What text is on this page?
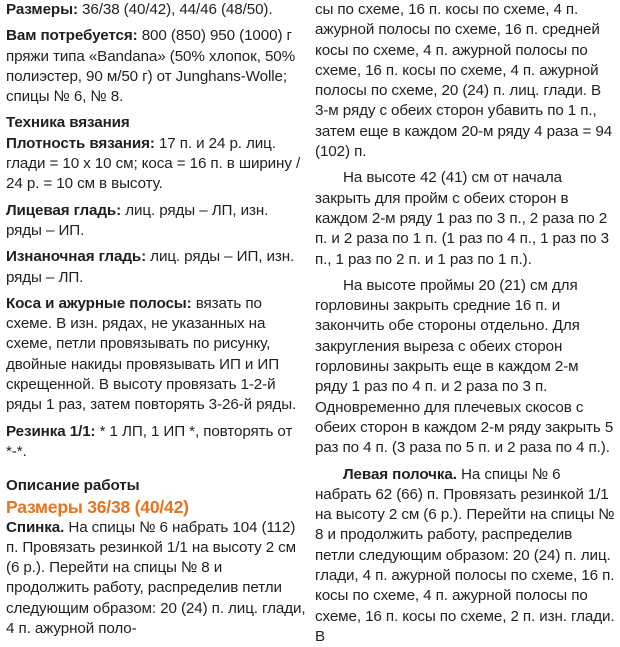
Размеры: 36/38 (40/42), 44/46 (48/50).

Вам потребуется: 800 (850) 950 (1000) г пряжи типа «Bandana» (50% хлопок, 50% полиэстер, 90 м/50 г) от Junghans-Wolle; спицы № 6, № 8.

Техника вязания

Плотность вязания: 17 п. и 24 р. лиц. глади = 10 х 10 см; коса = 16 п. в ширину / 24 р. = 10 см в высоту.

Лицевая гладь: лиц. ряды – ЛП, изн. ряды – ИП.

Изнаночная гладь: лиц. ряды – ИП, изн. ряды – ЛП.

Коса и ажурные полосы: вязать по схеме. В изн. рядах, не указанных на схеме, петли провязывать по рисунку, двойные накиды провязывать ИП и ИП скрещенной. В высоту провязать 1-2-й ряды 1 раз, затем повторять 3-26-й ряды.

Резинка 1/1: * 1 ЛП, 1 ИП *, повторять от *-*.

Описание работы

Размеры 36/38 (40/42)

Спинка. На спицы № 6 набрать 104 (112) п. Провязать резинкой 1/1 на высоту 2 см (6 р.). Перейти на спицы № 8 и продолжить работу, распределив петли следующим образом: 20 (24) п. лиц. глади, 4 п. ажурной поло-

сы по схеме, 16 п. косы по схеме, 4 п. ажурной полосы по схеме, 16 п. средней косы по схеме, 4 п. ажурной полосы по схеме, 16 п. косы по схеме, 4 п. ажурной полосы по схеме, 20 (24) п. лиц. глади. В 3-м ряду с обеих сторон убавить по 1 п., затем еще в каждом 20-м ряду 4 раза = 94 (102) п.

На высоте 42 (41) см от начала закрыть для пройм с обеих сторон в каждом 2-м ряду 1 раз по 3 п., 2 раза по 2 п. и 2 раза по 1 п. (1 раз по 4 п., 1 раз по 3 п., 1 раз по 2 п. и 1 раз по 1 п.).

На высоте проймы 20 (21) см для горловины закрыть средние 16 п. и закончить обе стороны отдельно. Для закругления выреза с обеих сторон горловины закрыть еще в каждом 2-м ряду 1 раз по 4 п. и 2 раза по 3 п. Одновременно для плечевых скосов с обеих сторон в каждом 2-м ряду закрыть 5 раз по 4 п. (3 раза по 5 п. и 2 раза по 4 п.).

Левая полочка. На спицы № 6 набрать 62 (66) п. Провязать резинкой 1/1 на высоту 2 см (6 р.). Перейти на спицы № 8 и продолжить работу, распределив петли следующим образом: 20 (24) п. лиц. глади, 4 п. ажурной полосы по схеме, 16 п. косы по схеме, 4 п. ажурной полосы по схеме, 16 п. косы по схеме, 2 п. изн. глади. В
